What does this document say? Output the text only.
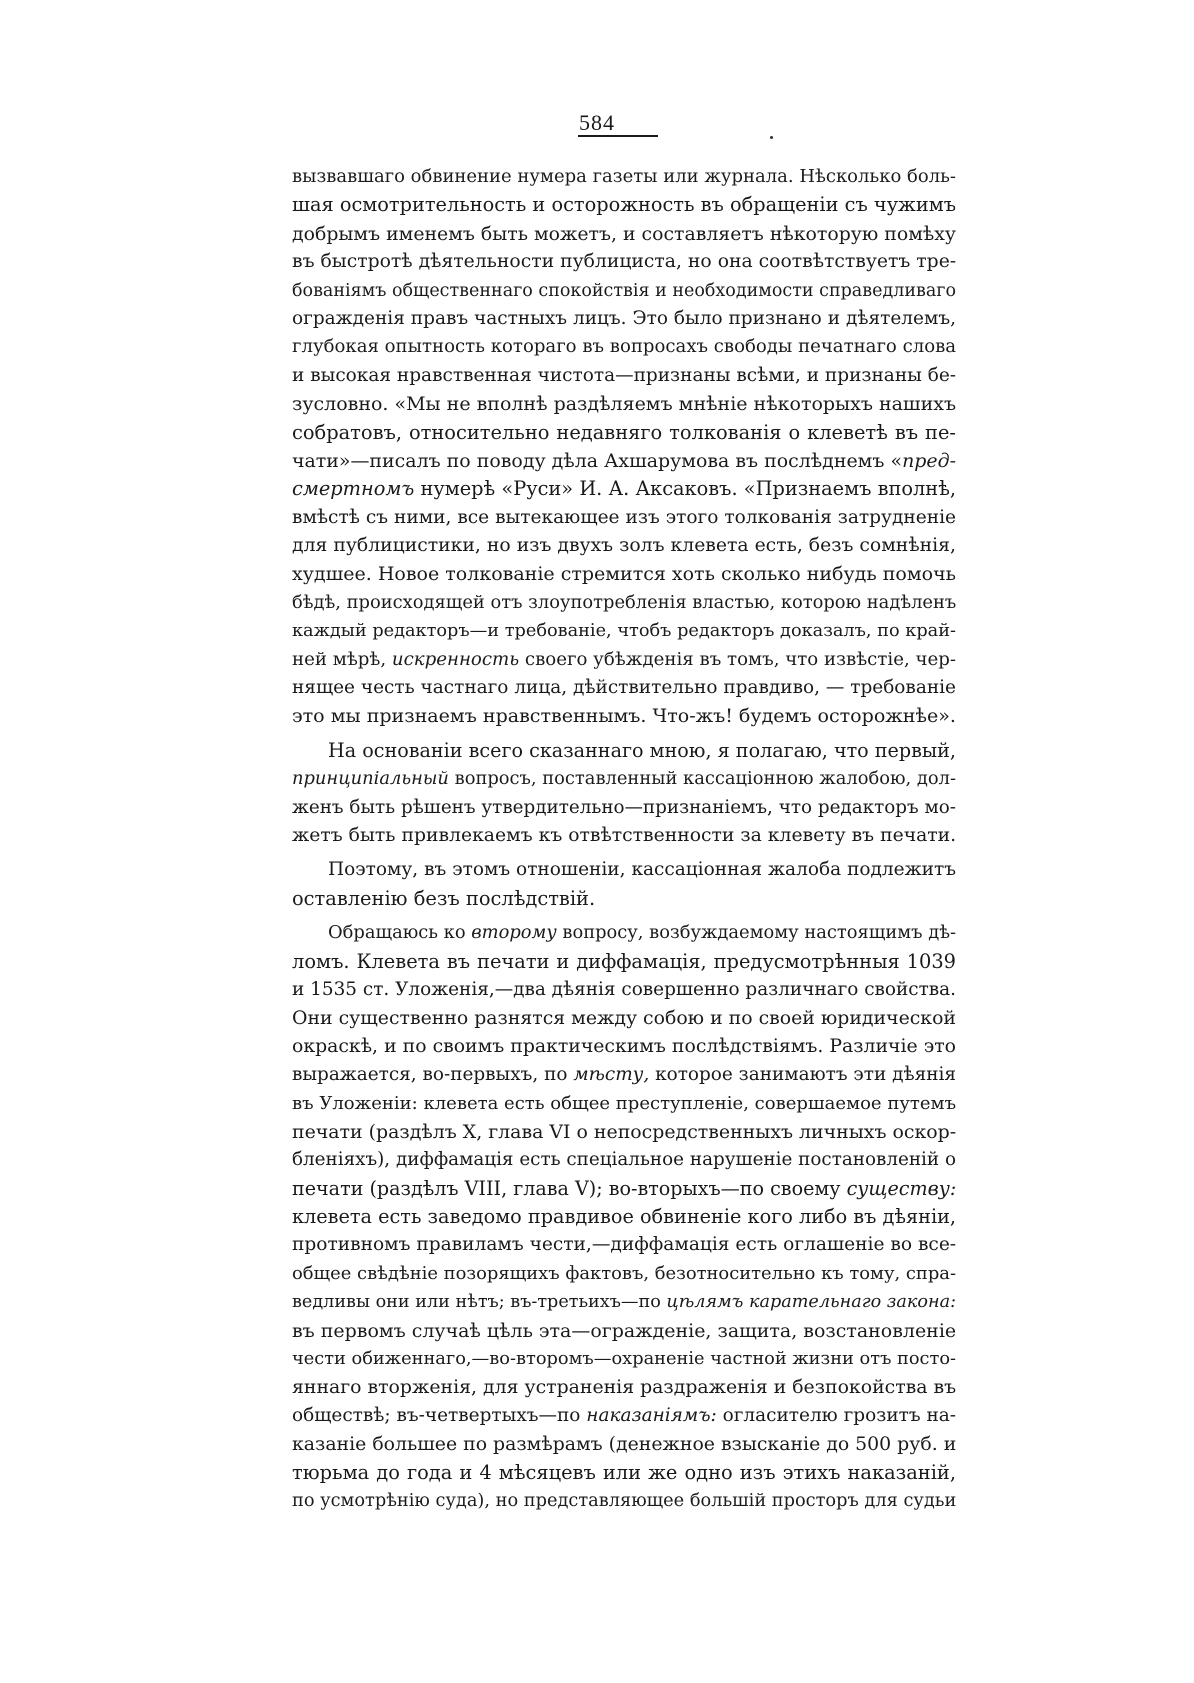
584
вызвавшаго обвинение нумера газеты или журнала. Нѣсколько боль-
шая осмотрительность и осторожность въ обращеніи съ чужимъ
добрымъ именемъ быть можетъ, и составляетъ нѣкоторую помѣху
въ быстротѣ дѣятельности публициста, но она соотвѣтствуетъ тре-
бованіямъ общественнаго спокойствія и необходимости справедливаго
огражденія правъ частныхъ лицъ. Это было признано и дѣятелемъ,
глубокая опытность котораго въ вопросахъ свободы печатнаго слова
и высокая нравственная чистота—признаны всѣми, и признаны бе-
зусловно. «Мы не вполнѣ раздѣляемъ мнѣніе нѣкоторыхъ нашихъ
собратовъ, относительно недавняго толкованія о клеветѣ въ пе-
чати»—писалъ по поводу дѣла Ахшарумова въ послѣднемъ «пред-
смертномъ нумерѣ «Руси» И. А. Аксаковъ. «Признаемъ вполнѣ,
вмѣстѣ съ ними, все вытекающее изъ этого толкованія затрудненіе
для публицистики, но изъ двухъ золъ клевета есть, безъ сомнѣнія,
худшее. Новое толкованіе стремится хоть сколько нибудь помочь
бѣдѣ, происходящей отъ злоупотребленія властью, которою надѣленъ
каждый редакторъ—и требованіе, чтобъ редакторъ доказалъ, по край-
ней мѣрѣ, искренность своего убѣжденія въ томъ, что извѣстіе, чер-
нящее честь частнаго лица, дѣйствительно правдиво, — требованіе
это мы признаемъ нравственнымъ. Что-жъ! будемъ осторожнѣе».
На основаніи всего сказаннаго мною, я полагаю, что первый,
принципіальный вопросъ, поставленный кассаціонною жалобою, дол-
женъ быть рѣшенъ утвердительно—признаніемъ, что редакторъ мо-
жетъ быть привлекаемъ къ отвѣтственности за клевету въ печати.
Поэтому, въ этомъ отношеніи, кассаціонная жалоба подлежитъ
оставленію безъ послѣдствій.
Обращаюсь ко второму вопросу, возбуждаемому настоящимъ дѣ-
ломъ. Клевета въ печати и диффамація, предусмотрѣнныя 1039
и 1535 ст. Уложенія,—два дѣянія совершенно различнаго свойства.
Они существенно разнятся между собою и по своей юридической
окраскѣ, и по своимъ практическимъ послѣдствіямъ. Различіе это
выражается, во-первыхъ, по мѣсту, которое занимаютъ эти дѣянія
въ Уложеніи: клевета есть общее преступленіе, совершаемое путемъ
печати (раздѣлъ X, глава VI о непосредственныхъ личныхъ оскор-
бленіяхъ), диффамація есть спеціальное нарушеніе постановленій о
печати (раздѣлъ VIII, глава V); во-вторыхъ—по своему существу:
клевета есть заведомо правдивое обвиненіе кого либо въ дѣяніи,
противномъ правиламъ чести,—диффамація есть оглашеніе во все-
общее свѣдѣніе позорящихъ фактовъ, безотносительно къ тому, спра-
ведливы они или нѣтъ; въ-третьихъ—по цѣлямъ карательнаго закона:
въ первомъ случаѣ цѣль эта—огражденіе, защита, возстановленіе
чести обиженнаго,—во-второмъ—охраненіе частной жизни отъ посто-
яннаго вторженія, для устраненія раздраженія и безпокойства въ
обществѣ; въ-четвертыхъ—по наказаніямъ: огласителю грозитъ на-
казаніе большее по размѣрамъ (денежное взысканіе до 500 руб. и
тюрьма до года и 4 мѣсяцевъ или же одно изъ этихъ наказаній,
по усмотрѣнію суда), но представляющее большій просторъ для судьи
